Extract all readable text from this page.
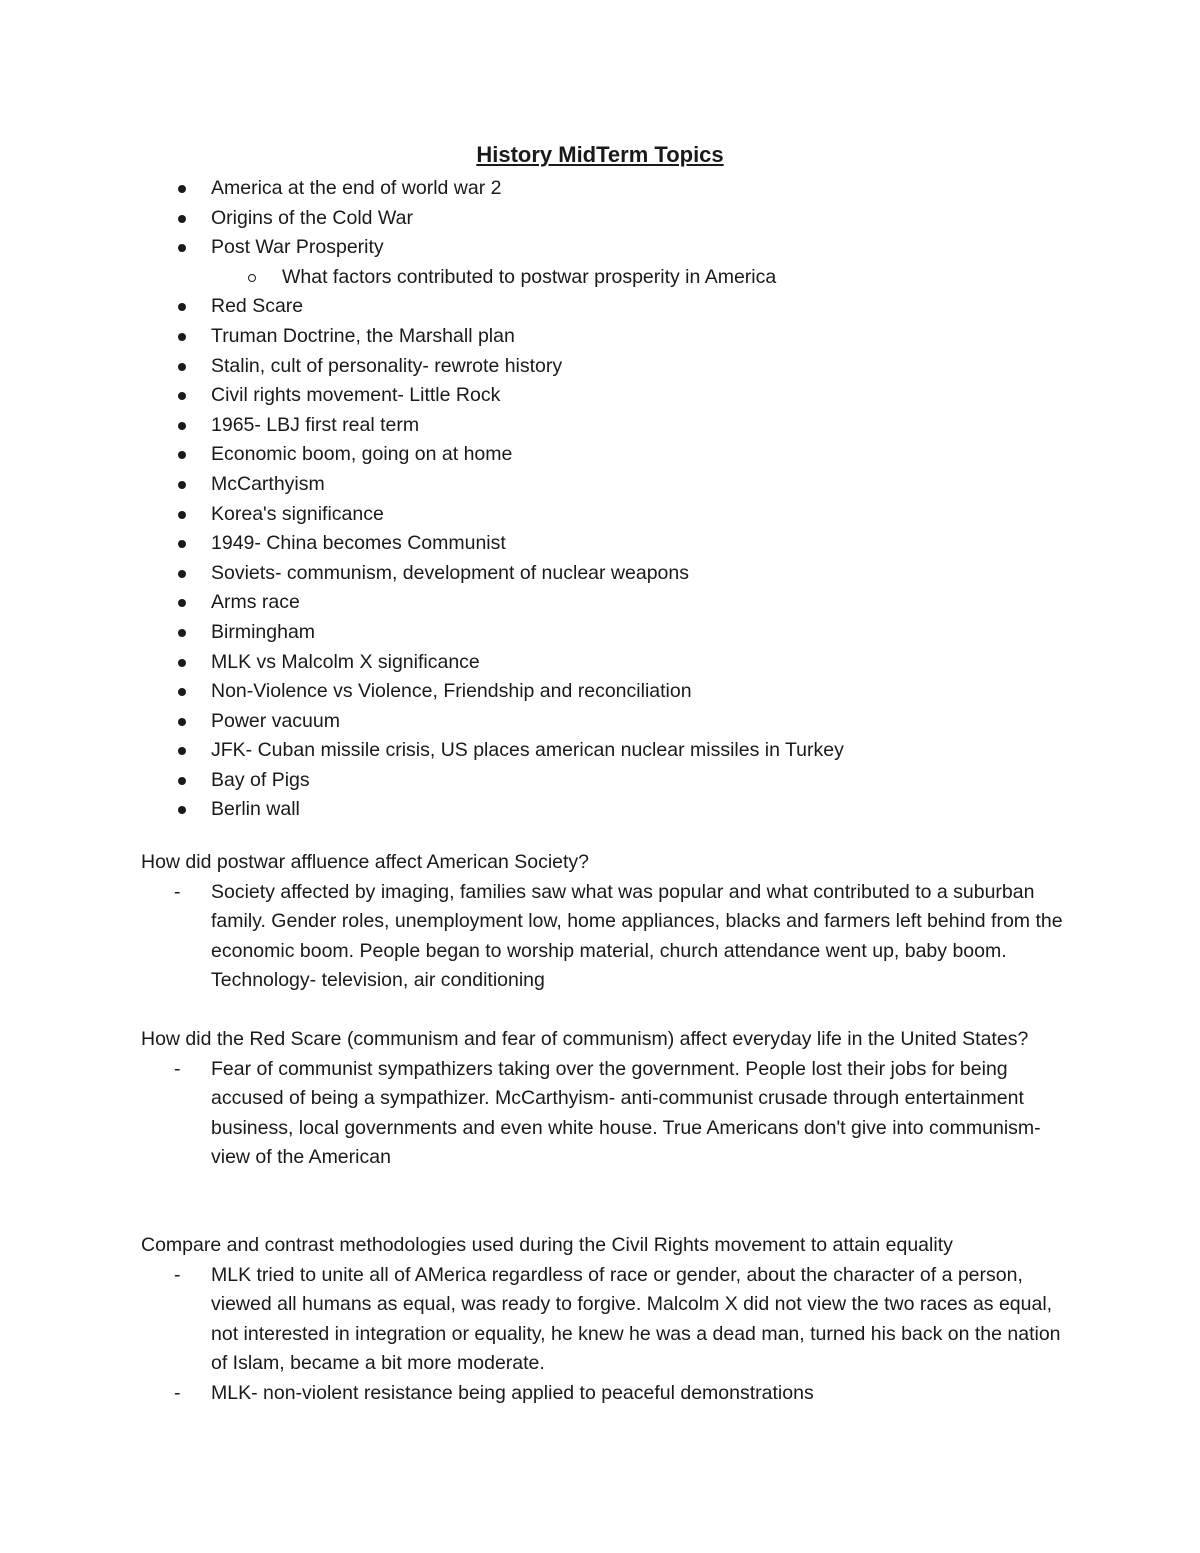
History MidTerm Topics
America at the end of world war 2
Origins of the Cold War
Post War Prosperity
What factors contributed to postwar prosperity in America
Red Scare
Truman Doctrine, the Marshall plan
Stalin, cult of personality- rewrote history
Civil rights movement- Little Rock
1965- LBJ first real term
Economic boom, going on at home
McCarthyism
Korea's significance
1949- China becomes Communist
Soviets- communism, development of nuclear weapons
Arms race
Birmingham
MLK vs Malcolm X significance
Non-Violence vs Violence, Friendship and reconciliation
Power vacuum
JFK- Cuban missile crisis, US places american nuclear missiles in Turkey
Bay of Pigs
Berlin wall

How did postwar affluence affect American Society?

- Society affected by imaging, families saw what was popular and what contributed to a suburban family. Gender roles, unemployment low, home appliances, blacks and farmers left behind from the economic boom. People began to worship material, church attendance went up, baby boom. Technology- television, air conditioning

How did the Red Scare (communism and fear of communism) affect everyday life in the United States?

- Fear of communist sympathizers taking over the government. People lost their jobs for being accused of being a sympathizer. McCarthyism- anti-communist crusade through entertainment business, local governments and even white house. True Americans don't give into communism- view of the American

Compare and contrast methodologies used during the Civil Rights movement to attain equality

- MLK tried to unite all of AMerica regardless of race or gender, about the character of a person, viewed all humans as equal, was ready to forgive. Malcolm X did not view the two races as equal, not interested in integration or equality, he knew he was a dead man, turned his back on the nation of Islam, became a bit more moderate.

- MLK- non-violent resistance being applied to peaceful demonstrations
